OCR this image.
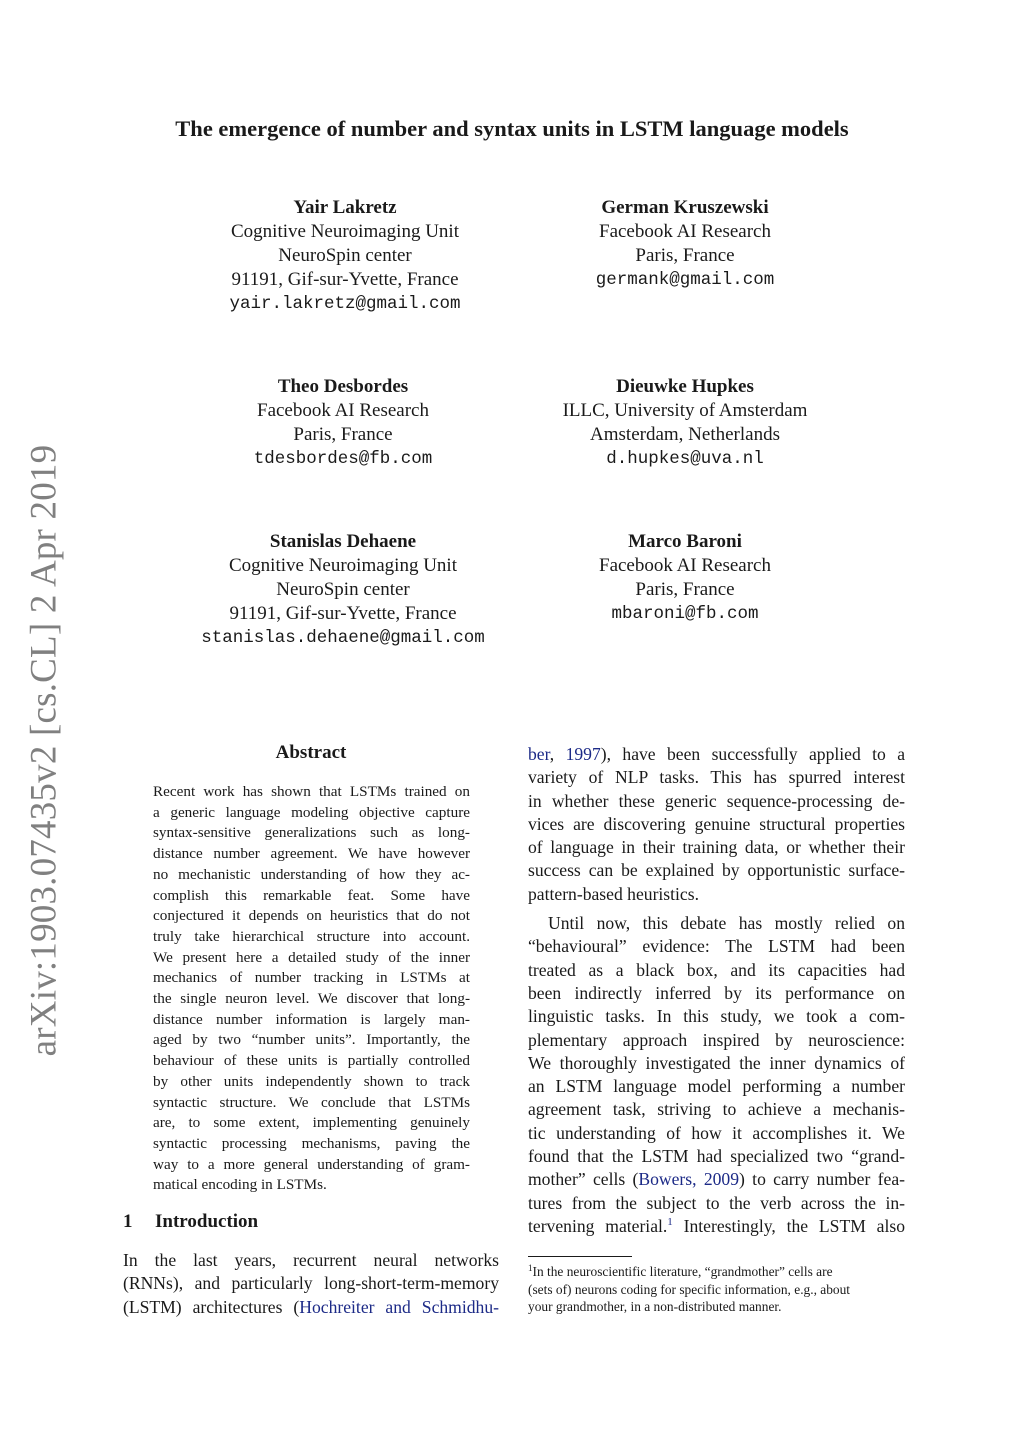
arXiv:1903.07435v2 [cs.CL] 2 Apr 2019
The emergence of number and syntax units in LSTM language models
Yair Lakretz
Cognitive Neuroimaging Unit
NeuroSpin center
91191, Gif-sur-Yvette, France
yair.lakretz@gmail.com
German Kruszewski
Facebook AI Research
Paris, France
germank@gmail.com
Theo Desbordes
Facebook AI Research
Paris, France
tdesbordes@fb.com
Dieuwke Hupkes
ILLC, University of Amsterdam
Amsterdam, Netherlands
d.hupkes@uva.nl
Stanislas Dehaene
Cognitive Neuroimaging Unit
NeuroSpin center
91191, Gif-sur-Yvette, France
stanislas.dehaene@gmail.com
Marco Baroni
Facebook AI Research
Paris, France
mbaroni@fb.com
Abstract
Recent work has shown that LSTMs trained on
a generic language modeling objective capture
syntax-sensitive generalizations such as long-
distance number agreement. We have however
no mechanistic understanding of how they ac-
complish this remarkable feat. Some have
conjectured it depends on heuristics that do not
truly take hierarchical structure into account.
We present here a detailed study of the inner
mechanics of number tracking in LSTMs at
the single neuron level. We discover that long-
distance number information is largely man-
aged by two “number units”. Importantly, the
behaviour of these units is partially controlled
by other units independently shown to track
syntactic structure. We conclude that LSTMs
are, to some extent, implementing genuinely
syntactic processing mechanisms, paving the
way to a more general understanding of gram-
matical encoding in LSTMs.
1 Introduction
In the last years, recurrent neural networks
(RNNs), and particularly long-short-term-memory
(LSTM) architectures (Hochreiter and Schmidhu-
ber, 1997), have been successfully applied to a
variety of NLP tasks. This has spurred interest
in whether these generic sequence-processing de-
vices are discovering genuine structural properties
of language in their training data, or whether their
success can be explained by opportunistic surface-
pattern-based heuristics.
Until now, this debate has mostly relied on
“behavioural” evidence: The LSTM had been
treated as a black box, and its capacities had
been indirectly inferred by its performance on
linguistic tasks. In this study, we took a com-
plementary approach inspired by neuroscience:
We thoroughly investigated the inner dynamics of
an LSTM language model performing a number
agreement task, striving to achieve a mechanis-
tic understanding of how it accomplishes it. We
found that the LSTM had specialized two “grand-
mother” cells (Bowers, 2009) to carry number fea-
tures from the subject to the verb across the in-
tervening material.$^1$ Interestingly, the LSTM also
$^1$In the neuroscientific literature, “grandmother” cells are
(sets of) neurons coding for specific information, e.g., about
your grandmother, in a non-distributed manner.
